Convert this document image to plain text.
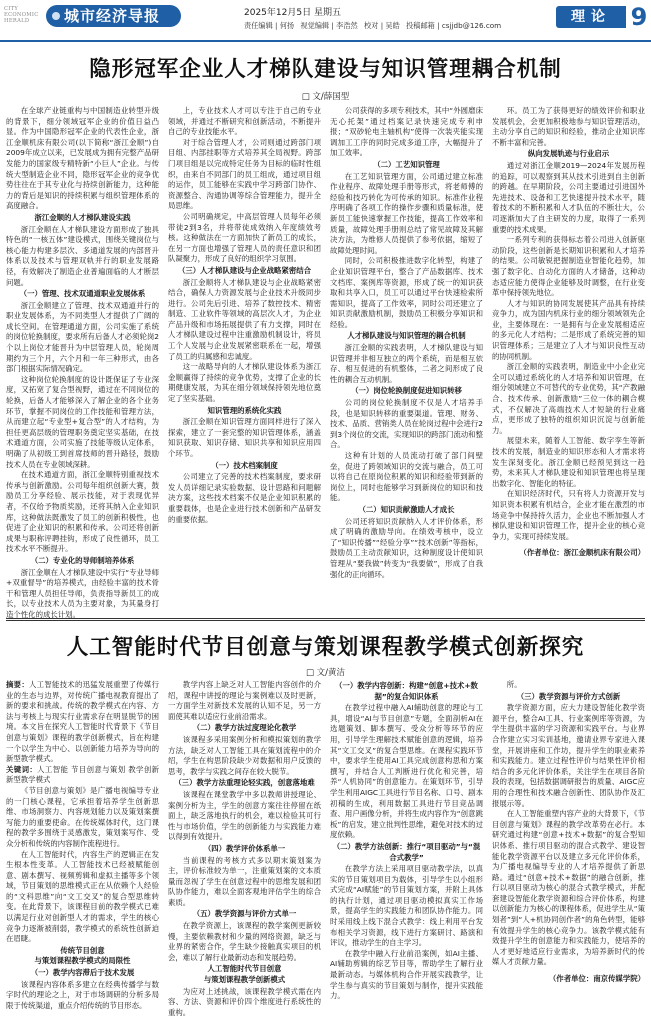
CITY ECONOMIC HERALD	城市经济导报	2025年12月5日 星期五
责任编辑 | 何扬 视觉编辑 | 李浩然 校对 | 吴皓 投稿邮箱 | csjjdb@126.com
理论 9
隐形冠军企业人才梯队建设与知识管理耦合机制
□ 文/薛国型

在全球产业链重构与中国制造业转型升级的背景下，细分领域冠军企业的价值日益凸显。作为中国隐形冠军企业的代表性企业，浙江金顺机床有限公司(以下简称“浙江金顺”)自2009年成立以来，已发展成为拥有完整产品研发能力的国家级专精特新“小巨人”企业。与传统大型制造企业不同，隐形冠军企业的竞争优势往往在于其专业化与持续创新能力，这种能力的背后是知识的持续积累与组织管理体系的高度融合。

浙江金顺的人才梯队建设实践

浙江金顺在人才梯队建设方面形成了独具特色的“一核五体”建设模式，围绕关键岗位与核心能力构建多层次、多通道发展的内部晋升体系以及技术与管理双轨并行的职业发展路径，有效解决了制造企业普遍面临的人才断层问题。

（一）管理、技术双通道职业发展体系

浙江金顺建立了管理、技术双通道并行的职业发展体系，为不同类型人才提供了广阔的成长空间。在管理通道方面，公司实施了系统的岗位轮换制度，要求所有后备人才必须轮岗2个以上岗位才能晋升为中层管理人员，轮岗周期约为三个月，六个月和一年三种形式，由各部门根据实际情况确定。

这种岗位轮换制度的设计既保证了专业深度，又拓宽了复合型视野，通过在不同岗位的轮换，后备人才能够深入了解企业的各个业务环节，掌握不同岗位的工作技能和管理方法，从而建立起“专业型+复合型”的人才结构，为担任更高层级的管理职务奠定坚实基础，在技术通道方面，公司实施了技能等级认定体系，明确了从初级工到首席技师的晋升路径，鼓励技术人员在专业领域深耕。

在技术通道方面，浙江金顺特别重视技术传承与创新激励。公司每年组织创新大赛，鼓励员工分享经验、展示技能，对于表现优异者，不仅给予物质奖励，还将其纳入企业知识库，这种做法既激发了员工的创新积极性，也促进了企业知识的积累和传承。公司还将创新成果与职称评聘挂钩，形成了良性循环，员工技术水平不断提升。

（二）专业化的导师制培养体系

浙江金顺在人才梯队建设中实行“专业导师+双重督导”的培养模式，由经验丰富的技术骨干和管理人员担任导师，负责指导新员工的成长，以专业技术人员为主要对象，为其量身打造个性化的成长计划。

上，专业技术人才可以专注于自己的专业领域，并通过不断研究和创新活动，不断提升自己的专业技能水平。

对于综合管理人才，公司则通过跨部门项目组、内部挂职等方式培养其全局视野。跨部门项目组是以完成特定任务为目标的临时性组织，由来自不同部门的员工组成，通过项目组的运作，员工能够在实践中学习跨部门协作、资源整合、沟通协调等综合管理能力，提升全局思维。

公司明确规定，中高层管理人员每年必须带徒2到3名，并将带徒成效纳入年度绩效考核。这种做法在一方面加快了新员工的成长，在另一方面也增强了管理人员的责任意识和团队凝聚力，形成了良好的组织学习氛围。

（三）人才梯队建设与企业战略紧密结合

浙江金顺将人才梯队建设与企业战略紧密结合，确保人力资源发展与企业技术升级同步进行。公司先后引进、培养了数控技术、精密制造、工业软件等领域的高层次人才，为企业产品升级和市场拓展提供了有力支撑，同时在人才梯队建设过程中注重激励机制设计，将员工个人发展与企业发展紧密联系在一起，增强了员工的归属感和忠诚度。

这一战略导向的人才梯队建设体系为浙江金顺赢得了持续的竞争优势，支撑了企业的长期健康发展，为其在细分领域保持领先地位奠定了坚实基础。

知识管理的系统化实践

浙江金顺在知识管理方面同样进行了深入探索，建立了一套完整的知识管理体系，涵盖知识获取、知识存储、知识共享和知识应用四个环节。

（一）技术档案制度

公司建立了完善的技术档案制度，要求研发人员详细记录实验数据、设计思路和问题解决方案，这些技术档案不仅是企业知识积累的重要载体，也是企业进行技术创新和产品研发的重要依据。

公司获得的多项专利技术，其中“外圆磨床无心托架”通过档案记录快速完成专利申报；“双砂轮电主轴机构”使得一次装夹能实现调加工工序的同时完成多道工序，大幅提升了加工效率。

（二）工艺知识管理

在工艺知识管理方面，公司通过建立标准作业程序、故障处理手册等形式，将老师傅的经验和技巧转化为可传承的知识。标准作业程序明确了各项工作的操作步骤和质量标准，使新员工能快速掌握工作技能，提高工作效率和质量，故障处理手册则总结了常见故障及其解决方法，为维修人员提供了参考依据，缩短了故障处理时间。

同时，公司积极推进数字化转型，构建了企业知识管理平台，整合了产品数据库、技术文档库、案例库等资源，形成了统一的知识获取和共享入口，员工可以通过平台快速检索所需知识，提高了工作效率，同时公司还建立了知识贡献激励机制，鼓励员工积极分享知识和经验。

人才梯队建设与知识管理的耦合机制

浙江金顺的实践表明，人才梯队建设与知识管理并非相互独立的两个系统，而是相互依存、相互促进的有机整体，二者之间形成了良性的耦合互动机制。

（一）岗位轮换制度促进知识转移

公司的岗位轮换制度不仅是人才培养手段，也是知识转移的重要渠道。管理、财务、技术、品质、营销类人员在轮岗过程中会进行2到3个岗位的交流，实现知识的跨部门流动和整合。

这种有计划的人员流动打破了部门间壁垒，促进了跨领域知识的交流与融合，员工可以将自己在原岗位积累的知识和经验带到新的岗位上，同时也能够学习到新岗位的知识和技能。

（二）知识贡献激励人才成长

公司还将知识贡献纳入人才评价体系，形成了明确的激励导向。在绩效考核中，设立了“知识传播”“经验分享”“技术创新”等指标，鼓励员工主动贡献知识，这种制度设计使知识管理从“要我做”转变为“我要做”，形成了自我强化的正向循环。

环。员工为了获得更好的绩效评价和职业发展机会，会更加积极地参与知识管理活动，主动分享自己的知识和经验，推动企业知识库不断丰富和完善。

纵向发展轨迹与行业启示

通过对浙江金顺2019—2024年发展历程的追踪，可以观察到其从技术引进到自主创新的跨越。在早期阶段，公司主要通过引进国外先进技术、设备和工艺快速提升技术水平，随着技术的不断积累和人才队伍的不断壮大，公司逐渐加大了自主研发的力度，取得了一系列重要的技术成果。

一系列专利的获得标志着公司进入创新驱动阶段，这些创新是长期知识积累和人才培养的结果。公司敏锐把握制造业智能化趋势，加强了数字化、自动化方面的人才储备，这种动态适应能力使得企业能够及时调整，在行业变革中保持领先地位。

人才与知识的协同发展使其产品具有持续竞争力，成为国内机床行业的细分领域领先企业，主要体现在：一是拥有与企业发展相适应的多元化人才结构；二是形成了系统完善的知识管理体系；三是建立了人才与知识良性互动的协同机制。

浙江金顺的实践表明，制造业中小企业完全可以通过系统化的人才培养和知识管理，在细分领域建立不可替代的专业优势，其“产教融合、技术传承、创新激励”三位一体的耦合模式，不仅解决了高端技术人才短缺的行业痛点，更形成了独特的组织知识沉淀与创新能力。

展望未来，随着人工智能、数字孪生等新技术的发展，制造业的知识形态和人才需求将发生深刻变化。浙江金顺已经预见到这一趋势，未来其人才梯队建设和知识管理也将呈现出数字化、智能化的特征。

在知识经济时代，只有将人力资源开发与知识资本积累有机结合，企业才能在激烈的市场竞争中保持持久活力，企业也不断加强人才梯队建设和知识管理工作，提升企业的核心竞争力，实现可持续发展。

（作者单位：浙江金顺机床有限公司）

人工智能时代节目创意与策划课程教学模式创新探究
□ 文/黄洁

摘要：人工智能技术的迅猛发展重塑了传媒行业的生态与边界，对传统广播电视教育提出了新的要求和挑战。传统的教学模式在内容、方法与考核上与现实行业需求存在明显脱节的困境。本文旨在探究人工智能时代背景下《节目创意与策划》课程的教学创新模式，旨在构建一个以学生为中心、以创新能力培养为导向的新型教学模式。

关键词：人工智能 节目创意与策划 教学创新 新型教学模式

《节目创意与策划》是广播电视编导专业的一门核心课程，它承担着培养学生创新思维、市场洞察力、内容规划能力以及策划案撰写能力的重要使命。在传统媒体时代，这门课程的教学多围绕于灵感激发，策划案写作、受众分析和传统的内容制作流程进行。

在人工智能时代，内容生产的逻辑正在发生根本性变革。人工智能技术已经被赋能创意、剧本撰写、视频剪辑和虚拟主播等多个领域，节目策划的思维模式正在从依赖个人经验的“文科思维”向“文工交叉”的复合型思维转变。在此背景下，该课程目前的教学模式已难以满足行业对创新型人才的需求，学生的核心竞争力逐渐被削弱，教学模式的系统性创新迫在眉睫。

传统节目创意
与策划课程教学模式的局限性

（一）教学内容滞后于技术发展

该课程内容体系多建立在经典传播学与数字时代的理论之上，对于市场调研的分析多局限于传统渠道，重点介绍传统的节目形态。

教学内容上缺乏对人工智能内容创作的介绍，课程中讲授的理论与案例难以及时更新，一方面学生对新技术发展的认知不足，另一方面使其难以适应行业前沿需求。

（二）教学方法过度理论化教学

该课程多采用案例分析和模拟策划的教学方法，缺乏对人工智能工具在策划流程中的介绍，学生在构思阶段缺少对数据和用户反馈的思考，教学与实践之间存在较大脱节。

（三）教学方法重理论轻实践，创意落地难

该课程在课堂教学中多以教师讲授理论、案例分析为主，学生的创意方案往往停留在纸面上，缺乏落地执行的机会，难以检验其可行性与市场价值，学生的创新能力与实践能力难以得到有效提升。

（四）教学评价体系单一

当前课程的考核方式多以期末策划案为主，评价标准较为单一，注重策划案的文本质量而忽视了学生在创意过程中的思维发展和团队协作能力，难以全面客观地评估学生的综合素质。

（五）教学资源与评价方式单一

在教学资源上，该课程的教学案例更新较慢，主要依赖教材和少量的网络资源，缺乏与业界的紧密合作，学生缺少接触真实项目的机会，难以了解行业最新动态和发展趋势。

人工智能时代节目创意
与策划课程教学创新模式

为应对上述挑战，该课程教学模式需在内容、方法、资源和评价四个维度进行系统性的重构。

（一）教学内容创新：构建“创意+技术+数据”的复合知识体系

在教学过程中融入AI辅助创意的理论与工具，增设“AI与节目创意”专题，全面剖析AI在选题策划、脚本撰写、受众分析等环节的应用，引导学生理解技术赋能创意的逻辑，培养其“文工交叉”的复合型思维。在课程实践环节中，要求学生使用AI工具完成创意构思和方案撰写，并结合人工判断进行优化和完善，培养“人机协同”的创意能力。在策划环节，引导学生利用AIGC工具进行节目名称、口号、剧本初稿的生成，利用数据工具进行节目竞品调查、用户画像分析，并将生成内容作为“创意跳板”的启发，建立批判性思维，避免对技术的过度依赖。

（二）教学方法创新：推行“项目驱动”与“混合式教学”

在教学方法上采用项目驱动教学法，以真实的节目策划项目为载体，引导学生以小组形式完成“AI赋能”的节目策划方案，并附上具体的执行计划，通过项目驱动模拟真实工作场景，提高学生的实践能力和团队协作能力。同时采用线上线下混合式教学：线上利用平台发布相关学习资源，线下进行方案研讨、路演和评议，推动学生的自主学习。

在教学中融入行业前沿案例，如AI主播、AI辅助剪辑的综艺节目等，帮助学生了解行业最新动态。与媒体机构合作开展实践教学，让学生参与真实的节目策划与制作，提升实践能力。

所。

（三）教学资源与评价方式创新

教学资源方面，应大力建设智能化教学资源平台，整合AI工具、行业案例库等资源，为学生提供丰富的学习资源和实践平台。与业界合作建立实习实训基地，邀请业界专家进入课堂，开展讲座和工作坊，提升学生的职业素养和实践能力。建立过程性评价与结果性评价相结合的多元化评价体系，关注学生在项目各阶段的表现，包括数据调研报告的质量、AIGC应用的合理性和技术融合创新性、团队协作及汇报展示等。

在人工智能重塑内容产业的大背景下，《节目创意与策划》课程的教学改革势在必行。本研究通过构建“创意+技术+数据”的复合型知识体系、推行项目驱动的混合式教学、建设智能化教学资源平台以及建立多元化评价体系，为广播电视编导专业的人才培养提供了新思路。通过“创意+技术+数据”的融合创新，推行以项目驱动为核心的混合式教学模式，并配套建设智能化教学资源和综合评价体系，构建以创新能力为核心的课程体系，促进学生从“策划者”到“人+机协同创作者”的角色转型，能够有效提升学生的核心竞争力。该教学模式能有效提升学生的创意能力和实践能力，使培养的人才更好地适应行业需求，为培养新时代的传媒人才贡献力量。

（作者单位：南京传媒学院）
